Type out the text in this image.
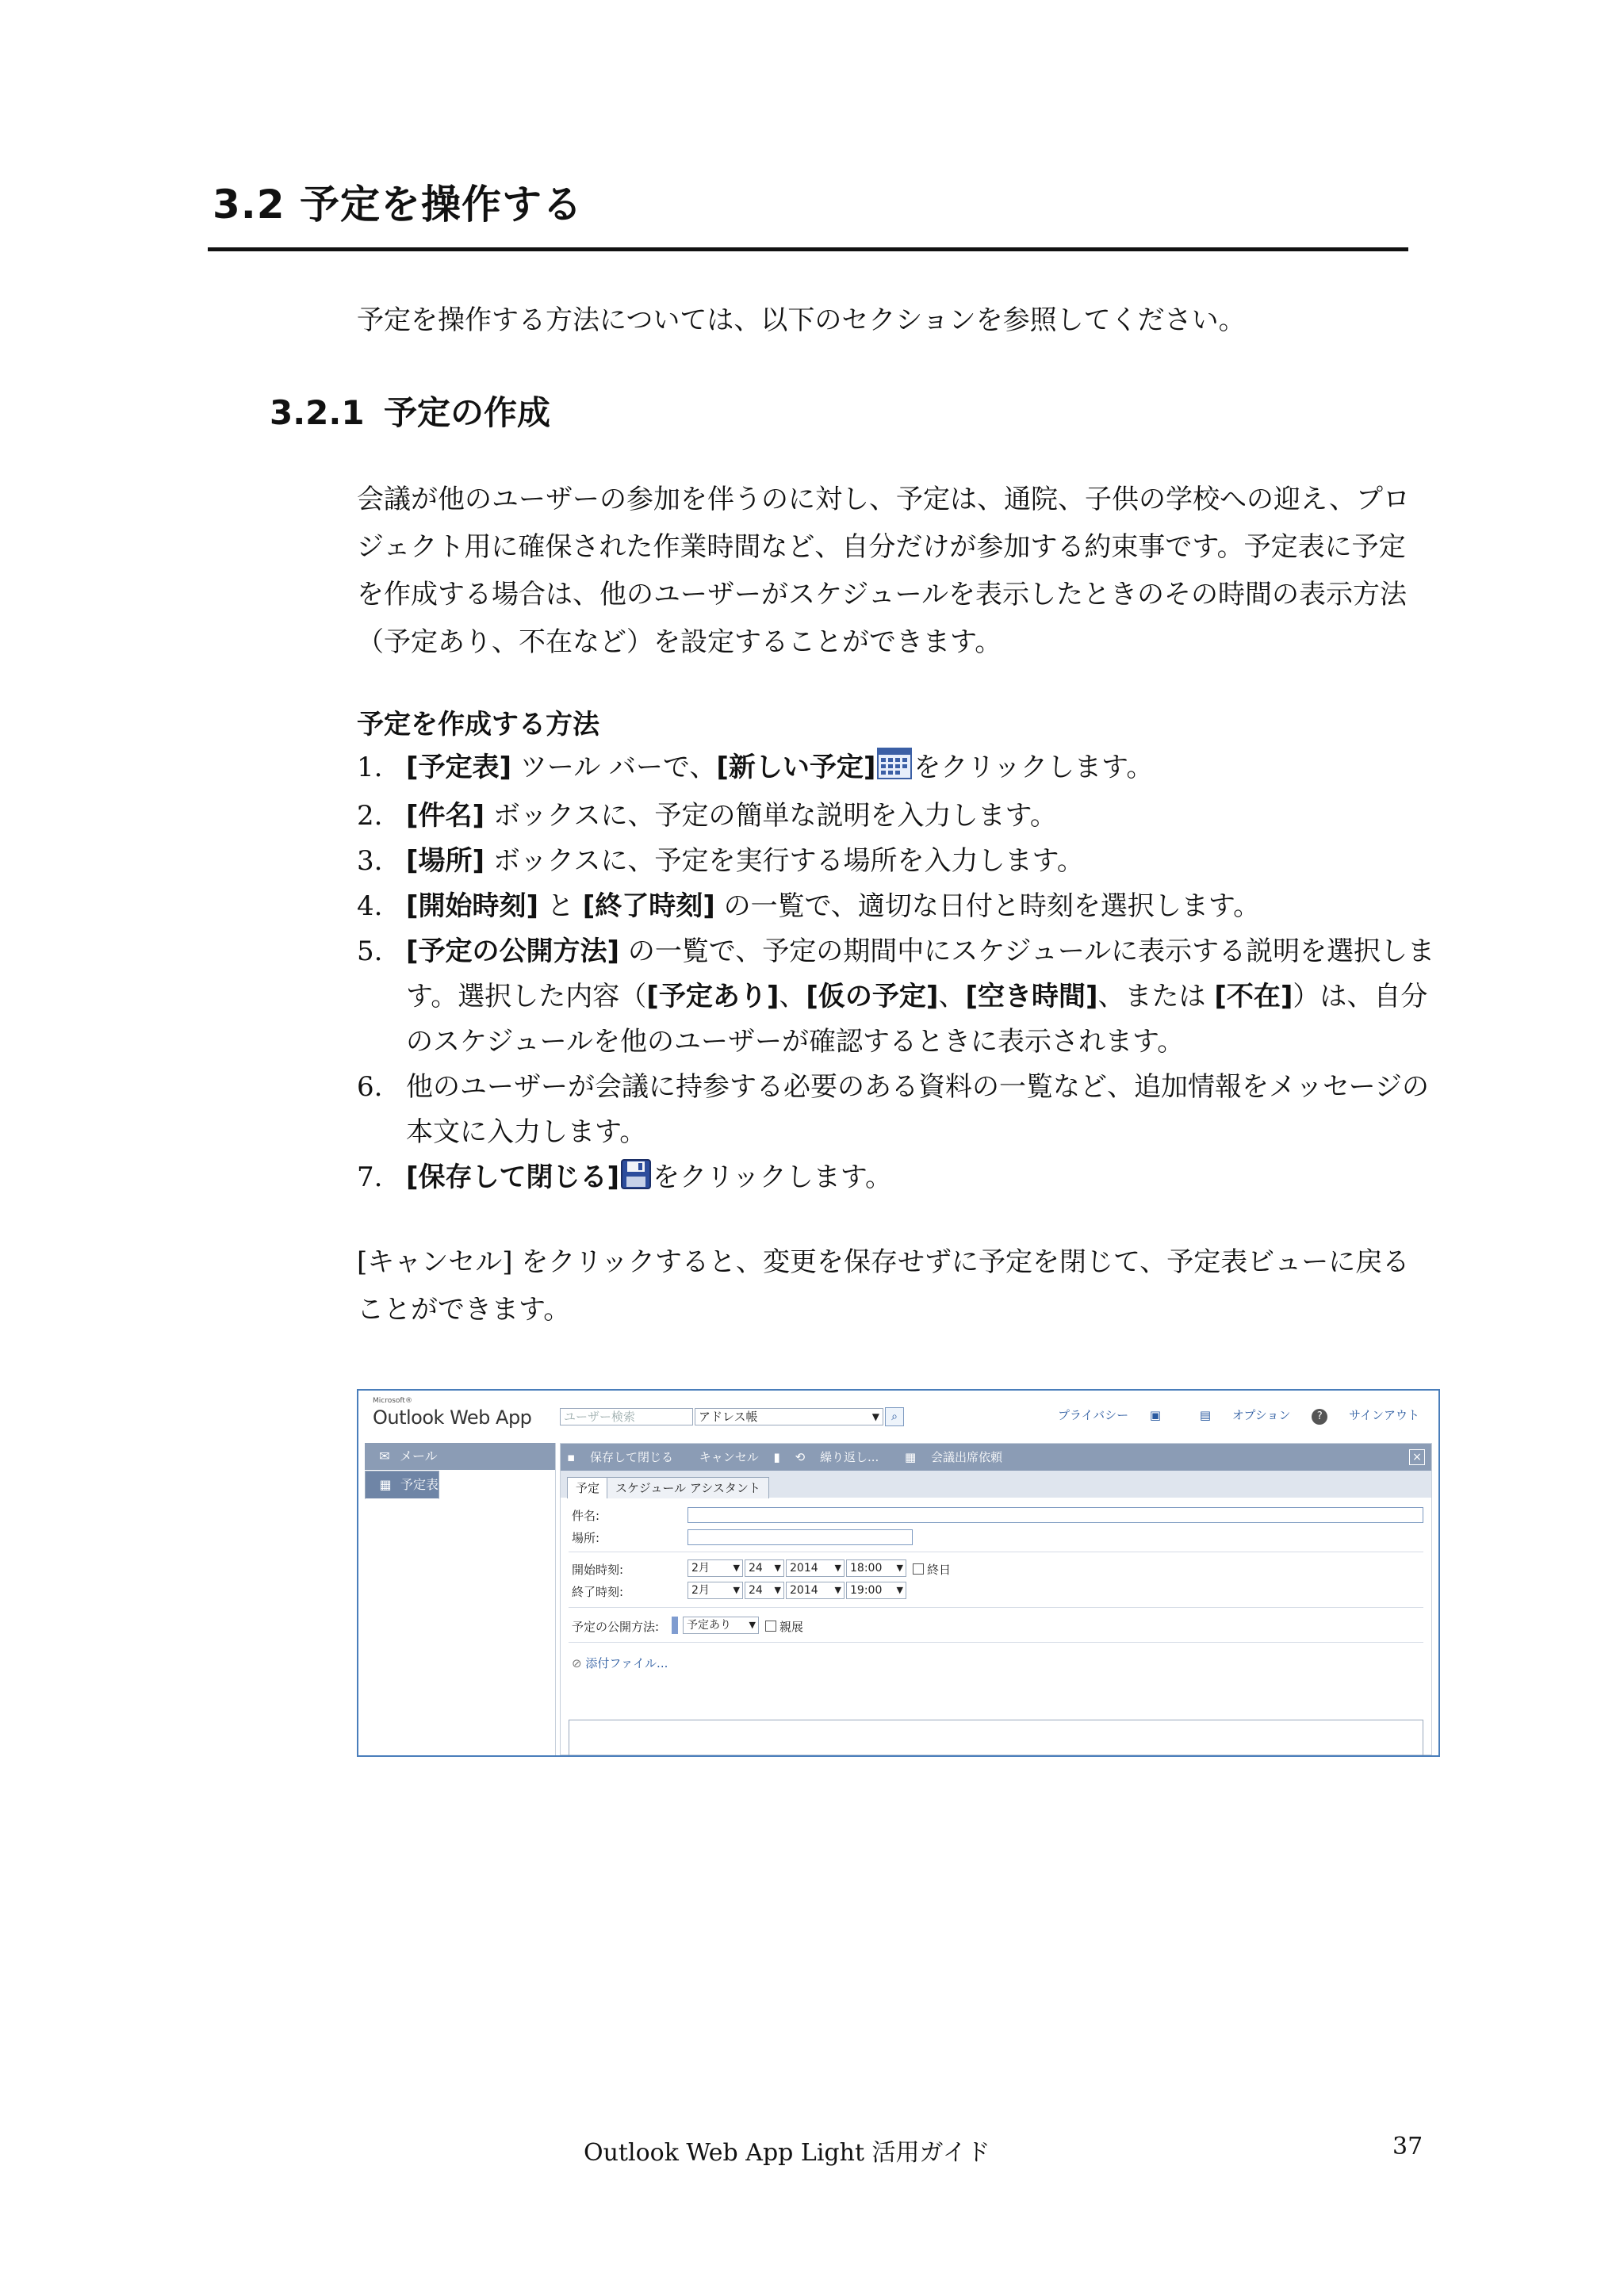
3.2 予定を操作する
予定を操作する方法については、以下のセクションを参照してください。
3.2.1 予定の作成
会議が他のユーザーの参加を伴うのに対し、予定は、通院、子供の学校への迎え、プロジェクト用に確保された作業時間など、自分だけが参加する約束事です。予定表に予定を作成する場合は、他のユーザーがスケジュールを表示したときのその時間の表示方法（予定あり、不在など）を設定することができます。
予定を作成する方法
1. [予定表] ツール バーで、[新しい予定] をクリックします。
2. [件名] ボックスに、予定の簡単な説明を入力します。
3. [場所] ボックスに、予定を実行する場所を入力します。
4. [開始時刻] と [終了時刻] の一覧で、適切な日付と時刻を選択します。
5. [予定の公開方法] の一覧で、予定の期間中にスケジュールに表示する説明を選択します。選択した内容（[予定あり]、[仮の予定]、[空き時間]、または [不在]）は、自分のスケジュールを他のユーザーが確認するときに表示されます。
6. 他のユーザーが会議に持参する必要のある資料の一覧など、追加情報をメッセージの本文に入力します。
7. [保存して閉じる] をクリックします。
[キャンセル] をクリックすると、変更を保存せずに予定を閉じて、予定表ビューに戻ることができます。
Microsoft®
Outlook Web App	ユーザー検索	アドレス帳	▼	⌕	プライバシー ▣	▤ オプション	? サインアウト
✉ メール
▦ 予定表
▪ 保存して閉じる キャンセル ▮ ⟲ 繰り返し... ▦ 会議出席依頼	×
予定	スケジュール アシスタント
件名:
場所:
開始時刻:	2月	▼ 24 ▼ 2014 ▼ 18:00 ▼	終日
終了時刻:	2月	▼ 24 ▼ 2014 ▼ 19:00 ▼
予定の公開方法:	予定あり ▼	親展
⊘ 添付ファイル...
Outlook Web App Light 活用ガイド	37
